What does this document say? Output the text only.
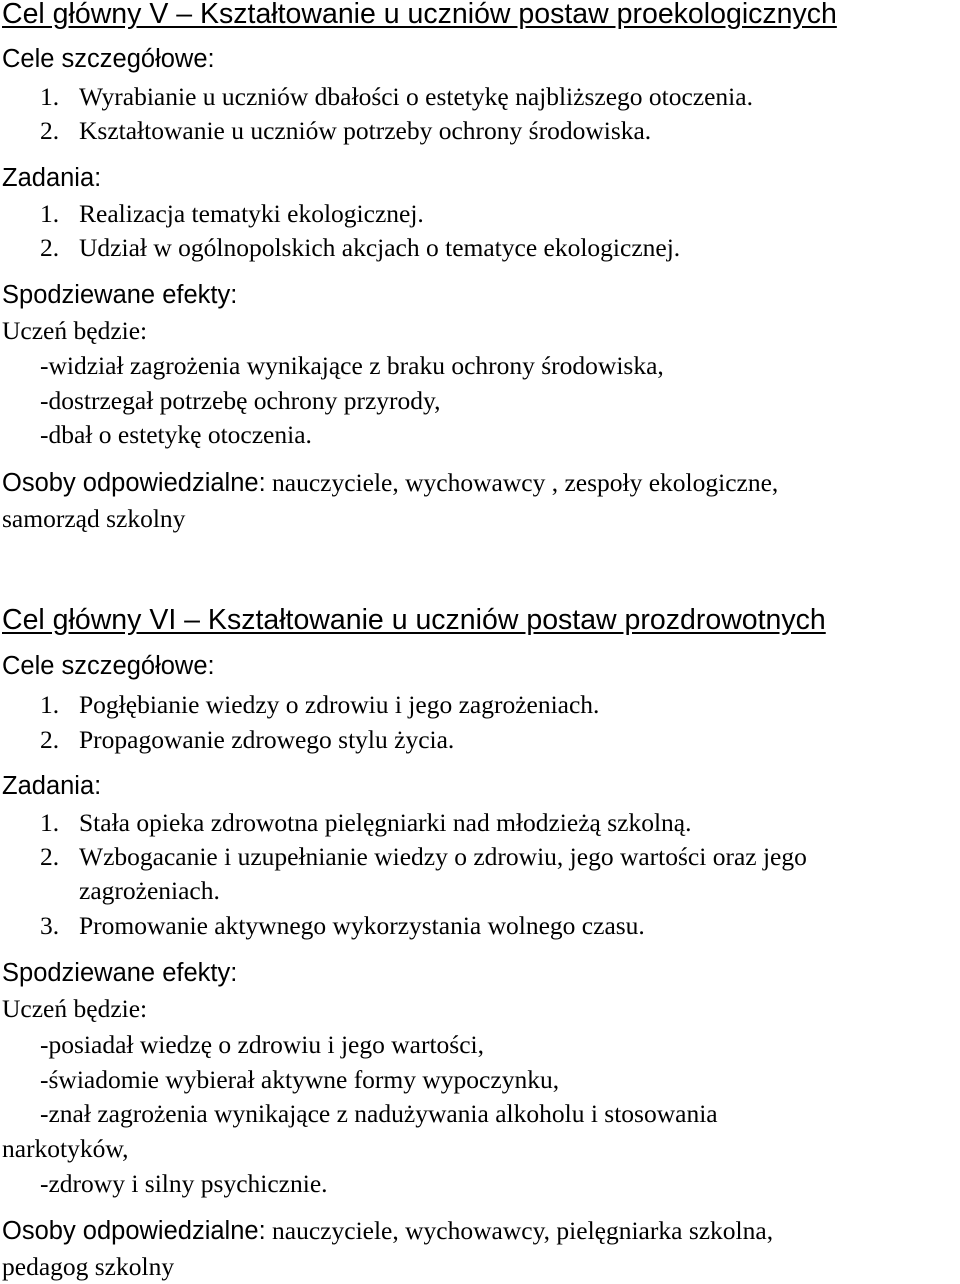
Cel główny V – Kształtowanie u uczniów postaw proekologicznych
Cele szczegółowe:
1. Wyrabianie u uczniów dbałości o estetykę najbliższego otoczenia.
2. Kształtowanie u uczniów potrzeby ochrony środowiska.
Zadania:
1. Realizacja tematyki ekologicznej.
2. Udział w ogólnopolskich akcjach o tematyce ekologicznej.
Spodziewane efekty:
Uczeń będzie:
-widział zagrożenia wynikające z braku ochrony środowiska,
-dostrzegał potrzebę ochrony przyrody,
-dbał o estetykę otoczenia.
Osoby odpowiedzialne: nauczyciele, wychowawcy , zespoły ekologiczne,
samorząd szkolny
Cel główny VI – Kształtowanie u uczniów postaw prozdrowotnych
Cele szczegółowe:
1. Pogłębianie wiedzy o zdrowiu i jego zagrożeniach.
2. Propagowanie zdrowego stylu życia.
Zadania:
1. Stała opieka zdrowotna pielęgniarki nad młodzieżą szkolną.
2. Wzbogacanie i uzupełnianie wiedzy o zdrowiu, jego wartości oraz jego
zagrożeniach.
3. Promowanie aktywnego wykorzystania wolnego czasu.
Spodziewane efekty:
Uczeń będzie:
-posiadał wiedzę o zdrowiu i jego wartości,
-świadomie wybierał aktywne formy wypoczynku,
-znał zagrożenia wynikające z nadużywania alkoholu i stosowania
narkotyków,
-zdrowy i silny psychicznie.
Osoby odpowiedzialne: nauczyciele, wychowawcy, pielęgniarka szkolna,
pedagog szkolny
